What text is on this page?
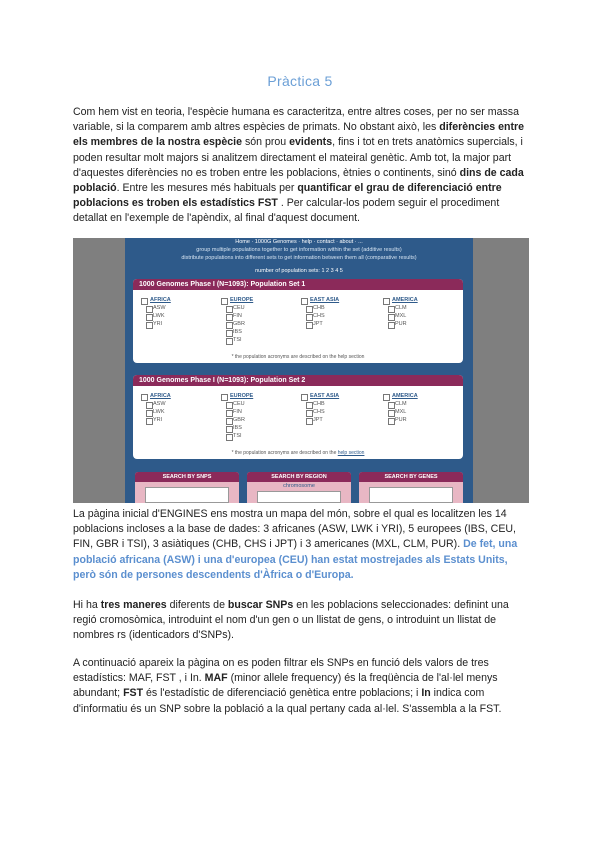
Pràctica 5

Com hem vist en teoria, l'espècie humana es caracteritza, entre altres coses, per no ser massa variable, si la comparem amb altres espècies de primats. No obstant això, les diferències entre els membres de la nostra espècie són prou evidents, fins i tot en trets anatòmics supercials, i poden resultar molt majors si analitzem directament el mateiral genètic. Amb tot, la major part d'aquestes diferències no es troben entre les poblacions, ètnies o continents, sinó dins de cada població. Entre les mesures més habituals per quantificar el grau de diferenciació entre poblacions es troben els estadístics FST . Per calcular-los podem seguir el procediment detallat en l'exemple de l'apèndix, al final d'aquest document.

Home · 1000G Genomes · help · contact · about · ...
group multiple populations together to get information within the set (additive results)
distribute populations into different sets to get information between them all (comparative results)
number of population sets: 1 2 3 4 5
1000 Genomes Phase I (N=1093): Population Set 1
AFRICA
ASW
LWK
YRI
EUROPE
CEU
FIN
GBR
IBS
TSI
EAST ASIA
CHB
CHS
JPT
AMERICA
CLM
MXL
PUR
* the population acronyms are described on the help section
1000 Genomes Phase I (N=1093): Population Set 2
AFRICA
ASW
LWK
YRI
EUROPE
CEU
FIN
GBR
IBS
TSI
EAST ASIA
CHB
CHS
JPT
AMERICA
CLM
MXL
PUR
* the population acronyms are described on the help section
SEARCH BY SNPS	SEARCH BY REGION
chromosome
SEARCH BY GENES

La pàgina inicial d'ENGINES ens mostra un mapa del món, sobre el qual es localitzen les 14 poblacions incloses a la base de dades: 3 africanes (ASW, LWK i YRI), 5 europees (IBS, CEU, FIN, GBR i TSI), 3 asiàtiques (CHB, CHS i JPT) i 3 americanes (MXL, CLM, PUR). De fet, una població africana (ASW) i una d'europea (CEU) han estat mostrejades als Estats Units, però són de persones descendents d'Àfrica o d'Europa.

Hi ha tres maneres diferents de buscar SNPs en les poblacions seleccionades: definint una regió cromosòmica, introduint el nom d'un gen o un llistat de gens, o introduint un llistat de nombres rs (identicadors d'SNPs).

A continuació apareix la pàgina on es poden filtrar els SNPs en funció dels valors de tres estadístics: MAF, FST , i In. MAF (minor allele frequency) és la freqüència de l'al·lel menys abundant; FST és l'estadístic de diferenciació genètica entre poblacions; i In indica com d'informatiu és un SNP sobre la població a la qual pertany cada al·lel. S'assembla a la FST.
